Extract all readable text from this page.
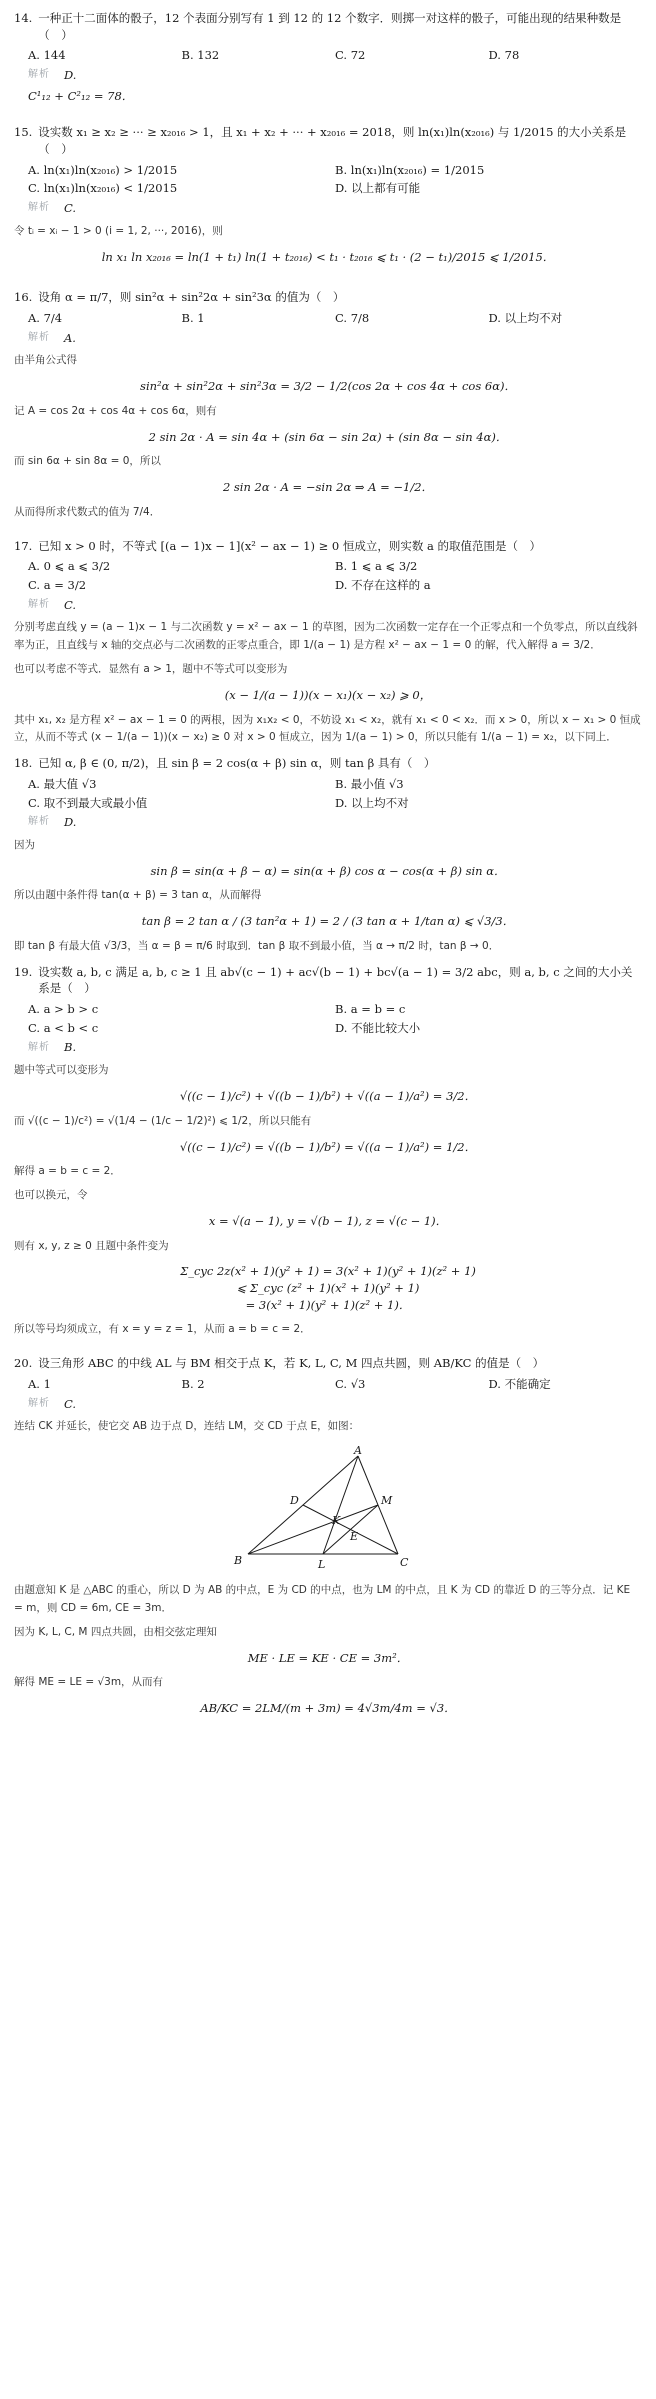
14. 一种正十二面体的骰子，12 个表面分别写有 1 到 12 的 12 个数字．则掷一对这样的骰子，可能出现的结果种数是（　）
A. 144	B. 132	C. 72	D. 78
解析 D.
C¹₁₂ + C²₁₂ = 78．
15. 设实数 x₁ ≥ x₂ ≥ ··· ≥ x₂₀₁₆ > 1，且 x₁ + x₂ + ··· + x₂₀₁₆ = 2018，则 ln(x₁)ln(x₂₀₁₆) 与 1/2015 的大小关系是（　）
A. ln(x₁)ln(x₂₀₁₆) > 1/2015	B. ln(x₁)ln(x₂₀₁₆) = 1/2015
C. ln(x₁)ln(x₂₀₁₆) < 1/2015	D. 以上都有可能
解析 C.
令 tᵢ = xᵢ − 1 > 0 (i = 1, 2, ···, 2016)，则
ln x₁ ln x₂₀₁₆ = ln(1 + t₁) ln(1 + t₂₀₁₆) < t₁ · t₂₀₁₆ ⩽ t₁ · (2 − t₁)/2015 ⩽ 1/2015．
16. 设角 α = π/7，则 sin²α + sin²2α + sin²3α 的值为（　）
A. 7/4	B. 1	C. 7/8	D. 以上均不对
解析 A.
由半角公式得
sin²α + sin²2α + sin²3α = 3/2 − 1/2(cos 2α + cos 4α + cos 6α)．
记 A = cos 2α + cos 4α + cos 6α，则有
2 sin 2α · A = sin 4α + (sin 6α − sin 2α) + (sin 8α − sin 4α)．
而 sin 6α + sin 8α = 0，所以
2 sin 2α · A = −sin 2α ⇒ A = −1/2．
从而得所求代数式的值为 7/4．
17. 已知 x > 0 时，不等式 [(a − 1)x − 1](x² − ax − 1) ≥ 0 恒成立，则实数 a 的取值范围是（　）
A. 0 ⩽ a ⩽ 3/2	B. 1 ⩽ a ⩽ 3/2
C. a = 3/2	D. 不存在这样的 a
解析 C.
分别考虑直线 y = (a − 1)x − 1 与二次函数 y = x² − ax − 1 的草图，因为二次函数一定存在一个正零点和一个负零点，所以直线斜率为正，且直线与 x 轴的交点必与二次函数的正零点重合，即 1/(a − 1) 是方程 x² − ax − 1 = 0 的解，代入解得 a = 3/2．
也可以考虑不等式．显然有 a > 1，题中不等式可以变形为
(x − 1/(a − 1))(x − x₁)(x − x₂) ⩾ 0，
其中 x₁, x₂ 是方程 x² − ax − 1 = 0 的两根，因为 x₁x₂ < 0，不妨设 x₁ < x₂，就有 x₁ < 0 < x₂．而 x > 0，所以 x − x₁ > 0 恒成立，从而不等式 (x − 1/(a − 1))(x − x₂) ≥ 0 对 x > 0 恒成立，因为 1/(a − 1) > 0，所以只能有 1/(a − 1) = x₂，以下同上．
18. 已知 α, β ∈ (0, π/2)，且 sin β = 2 cos(α + β) sin α，则 tan β 具有（　）
A. 最大值 √3	B. 最小值 √3
C. 取不到最大或最小值	D. 以上均不对
解析 D.
因为
sin β = sin(α + β − α) = sin(α + β) cos α − cos(α + β) sin α．
所以由题中条件得 tan(α + β) = 3 tan α，从而解得
tan β = 2 tan α / (3 tan²α + 1) = 2 / (3 tan α + 1/tan α) ⩽ √3/3．
即 tan β 有最大值 √3/3，当 α = β = π/6 时取到．tan β 取不到最小值，当 α → π/2 时，tan β → 0．
19. 设实数 a, b, c 满足 a, b, c ≥ 1 且 ab√(c − 1) + ac√(b − 1) + bc√(a − 1) = 3/2 abc，则 a, b, c 之间的大小关系是（　）
A. a > b > c	B. a = b = c
C. a < b < c	D. 不能比较大小
解析 B.
题中等式可以变形为
√((c − 1)/c²) + √((b − 1)/b²) + √((a − 1)/a²) = 3/2．
而 √((c − 1)/c²) = √(1/4 − (1/c − 1/2)²) ⩽ 1/2，所以只能有
√((c − 1)/c²) = √((b − 1)/b²) = √((a − 1)/a²) = 1/2．
解得 a = b = c = 2．
也可以换元，令
x = √(a − 1), y = √(b − 1), z = √(c − 1)．
则有 x, y, z ≥ 0 且题中条件变为
Σ_cyc 2z(x² + 1)(y² + 1) = 3(x² + 1)(y² + 1)(z² + 1)
⩽ Σ_cyc (z² + 1)(x² + 1)(y² + 1)
= 3(x² + 1)(y² + 1)(z² + 1)．
所以等号均须成立，有 x = y = z = 1，从而 a = b = c = 2．
20. 设三角形 ABC 的中线 AL 与 BM 相交于点 K，若 K, L, C, M 四点共圆，则 AB/KC 的值是（　）
A. 1	B. 2	C. √3	D. 不能确定
解析 C.
连结 CK 并延长，使它交 AB 边于点 D，连结 LM，交 CD 于点 E，如图：
A
B	C
D
K
M
E
L
由题意知 K 是 △ABC 的重心，所以 D 为 AB 的中点，E 为 CD 的中点，也为 LM 的中点，且 K 为 CD 的靠近 D 的三等分点．记 KE = m，则 CD = 6m, CE = 3m．
因为 K, L, C, M 四点共圆，由相交弦定理知
ME · LE = KE · CE = 3m²．
解得 ME = LE = √3m，从而有
AB/KC = 2LM/(m + 3m) = 4√3m/4m = √3．
